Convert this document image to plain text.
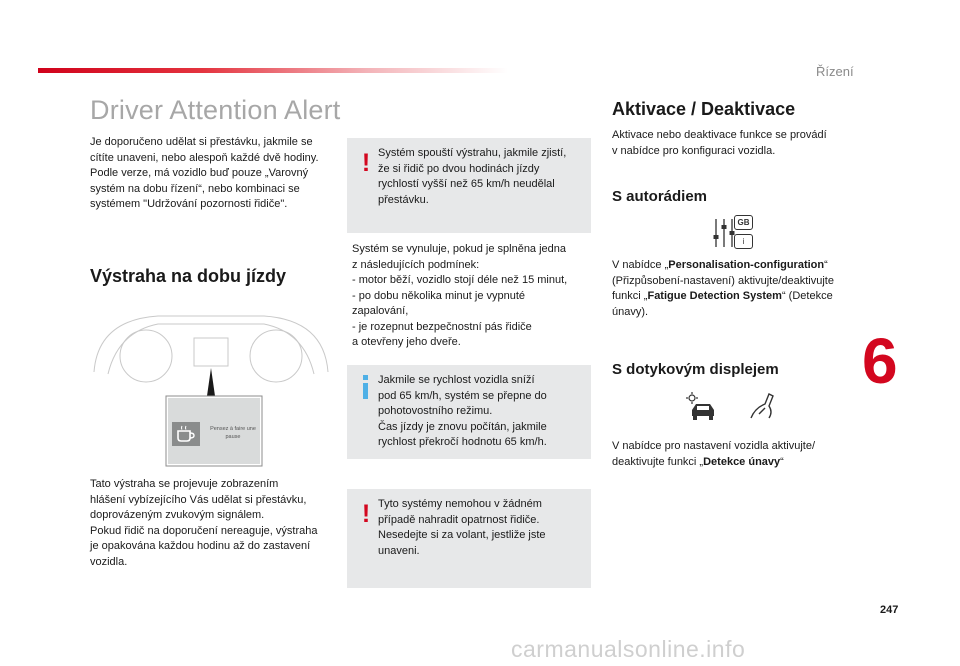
Řízení
Driver Attention Alert
Je doporučeno udělat si přestávku, jakmile se
cítíte unaveni, nebo alespoň každé dvě hodiny.
Podle verze, má vozidlo buď pouze „Varovný
systém na dobu řízení“, nebo kombinaci se
systémem "Udržování pozornosti řidiče".
! Systém spouští výstrahu, jakmile zjistí,
že si řidič po dvou hodinách jízdy
rychlostí vyšší než 65 km/h neudělal
přestávku.
Systém se vynuluje, pokud je splněna jedna
z následujících podmínek:
- motor běží, vozidlo stojí déle než 15 minut,
- po dobu několika minut je vypnuté
zapalování,
- je rozepnut bezpečnostní pás řidiče
a otevřeny jeho dveře.
Výstraha na dobu jízdy
Pensez à faire une
pause
Tato výstraha se projevuje zobrazením
hlášení vybízejícího Vás udělat si přestávku,
doprovázeným zvukovým signálem.
Pokud řidič na doporučení nereaguje, výstraha
je opakována každou hodinu až do zastavení
vozidla.
Jakmile se rychlost vozidla sníží
pod 65 km/h, systém se přepne do
pohotovostního režimu.
Čas jízdy je znovu počítán, jakmile
rychlost překročí hodnotu 65 km/h.
! Tyto systémy nemohou v žádném
případě nahradit opatrnost řidiče.
Nesedejte si za volant, jestliže jste
unaveni.
Aktivace / Deaktivace
Aktivace nebo deaktivace funkce se provádí
v nabídce pro konfiguraci vozidla.
S autorádiem
GB
i
V nabídce „Personalisation-configuration“
(Přizpůsobení-nastavení) aktivujte/deaktivujte
funkci „Fatigue Detection System“ (Detekce
únavy).
S dotykovým displejem
V nabídce pro nastavení vozidla aktivujte/
deaktivujte funkci „Detekce únavy“
6
247
carmanualsonline.info
